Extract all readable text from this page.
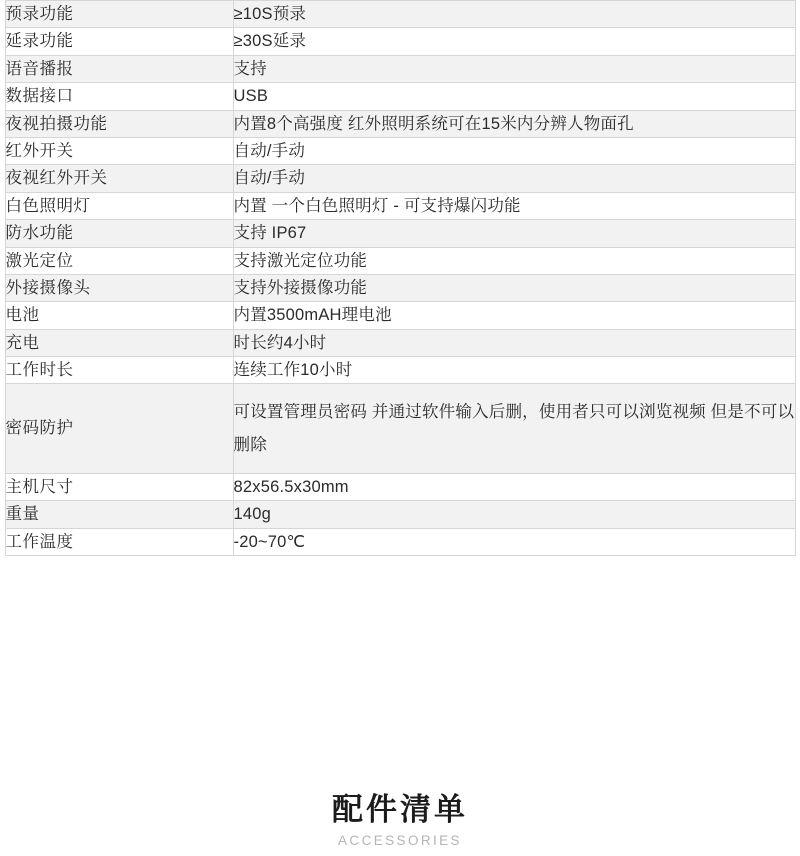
预录功能	≥10S预录
延录功能	≥30S延录
语音播报	支持
数据接口	USB
夜视拍摄功能	内置8个高强度 红外照明系统可在15米内分辨人物面孔
红外开关	自动/手动
夜视红外开关	自动/手动
白色照明灯	内置 一个白色照明灯 - 可支持爆闪功能
防水功能	支持 IP67
激光定位	支持激光定位功能
外接摄像头	支持外接摄像功能
电池	内置3500mAH理电池
充电	时长约4小时
工作时长	连续工作10小时
密码防护	可设置管理员密码 并通过软件输入后删，使用者只可以浏览视频 但是不可以删除
主机尺寸	82x56.5x30mm
重量	140g
工作温度	-20~70℃
配件清单
ACCESSORIES
